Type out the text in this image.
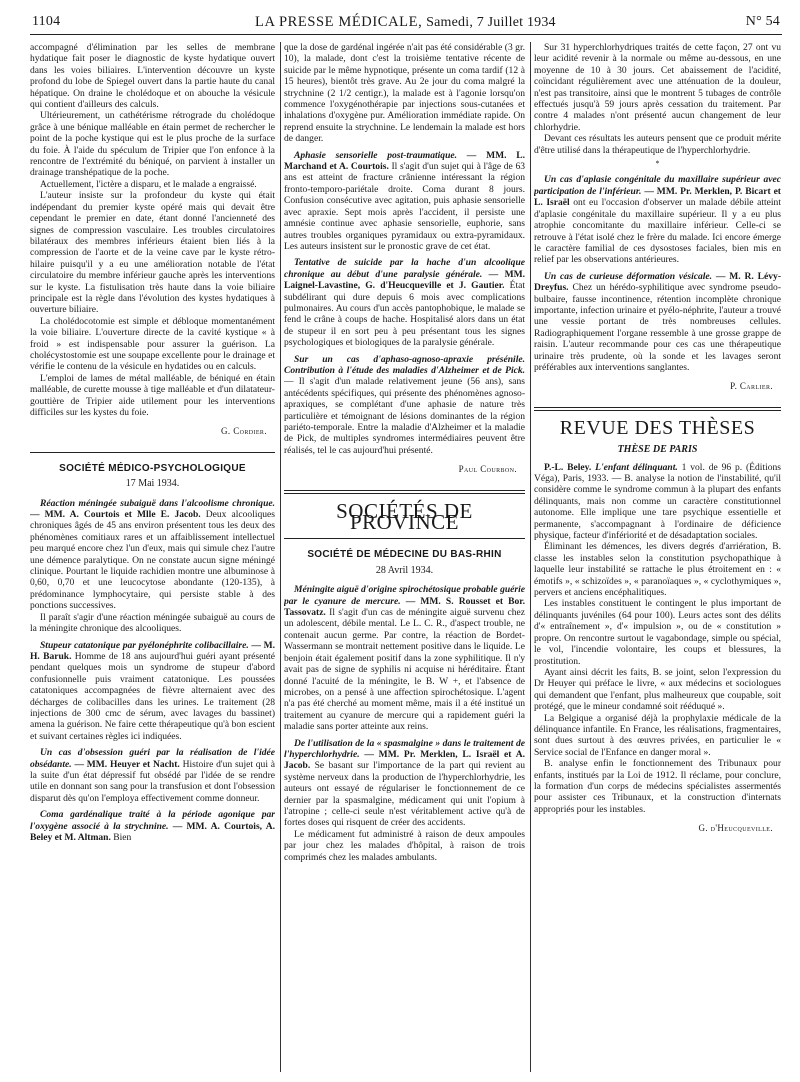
1104	LA PRESSE MÉDICALE, Samedi, 7 Juillet 1934	N° 54

accompagné d'élimination par les selles de membrane hydatique fait poser le diagnostic de kyste hydatique ouvert dans les voies biliaires. L'intervention découvre un kyste profond du lobe de Spiegel ouvert dans la partie haute du canal hépatique. On draine le cholédoque et on abouche la vésicule qui contient d'ailleurs des calculs.

Ultérieurement, un cathétérisme rétrograde du cholédoque grâce à une bénique malléable en étain permet de rechercher le point de la poche kystique qui est le plus proche de la surface du foie. À l'aide du spéculum de Tripier que l'on enfonce à la rencontre de l'extrémité du béniqué, on parvient à installer un drainage transhépatique de la poche.

Actuellement, l'ictère a disparu, et le malade a engraissé.

L'auteur insiste sur la profondeur du kyste qui était indépendant du premier kyste opéré mais qui devait être cependant le premier en date, étant donné l'ancienneté des signes de compression vasculaire. Les troubles circulatoires bilatéraux des membres inférieurs étaient bien liés à la compression de l'aorte et de la veine cave par le kyste rétro-hilaire puisqu'il y a eu une amélioration notable de l'état circulatoire du membre inférieur gauche après les interventions sur le kyste. La fistulisation très haute dans la voie biliaire principale est la règle dans l'évolution des kystes hydatiques à ouverture biliaire.

La cholédocotomie est simple et débloque momentanément la voie biliaire. L'ouverture directe de la cavité kystique « à froid » est indispensable pour assurer la guérison. La cholécystostomie est une soupape excellente pour le drainage et vérifie le contenu de la vésicule en hydatides ou en calculs.

L'emploi de lames de métal malléable, de béniqué en étain malléable, de curette mousse à tige malléable et d'un dilatateur-gouttière de Tripier aide utilement pour les interventions difficiles sur les kystes du foie.

G. Cordier.

SOCIÉTÉ MÉDICO-PSYCHOLOGIQUE
17 Mai 1934.

Réaction méningée subaiguë dans l'alcoolisme chronique. — MM. A. Courtois et Mlle E. Jacob. Deux alcooliques chroniques âgés de 45 ans environ présentent tous les deux des phénomènes comitiaux rares et un affaiblissement intellectuel peu marqué encore chez l'un d'eux, mais qui simule chez l'autre une démence paralytique. On ne constate aucun signe méningé clinique. Pourtant le liquide rachidien montre une albuminose à 0,60, 0,70 et une leucocytose abondante (120-135), à prédominance lymphocytaire, qui persiste stable à des ponctions successives.

Il paraît s'agir d'une réaction méningée subaiguë au cours de la méningite chronique des alcooliques.

Stupeur catatonique par pyélonéphrite colibacillaire. — M. H. Baruk. Homme de 18 ans aujourd'hui guéri ayant présenté pendant quelques mois un syndrome de stupeur d'abord confusionnelle puis vraiment catatonique. Les poussées catatoniques accompagnées de fièvre alternaient avec des décharges de colibacilles dans les urines. Le traitement (28 injections de 300 cmc de sérum, avec lavages du bassinet) amena la guérison. Ne faire cette thérapeutique qu'à bon escient et suivant certaines règles ici indiquées.

Un cas d'obsession guéri par la réalisation de l'idée obsédante. — MM. Heuyer et Nacht. Histoire d'un sujet qui à la suite d'un état dépressif fut obsédé par l'idée de se rendre utile en donnant son sang pour la transfusion et dont l'obsession disparut dès qu'on l'employa effectivement comme donneur.

Coma gardénalique traité à la période agonique par l'oxygène associé à la strychnine. — MM. A. Courtois, A. Beley et M. Altman. Bien

que la dose de gardénal ingérée n'ait pas été considérable (3 gr. 10), la malade, dont c'est la troisième tentative récente de suicide par le même hypnotique, présente un coma tardif (12 à 15 heures), bientôt très grave. Au 2e jour du coma malgré la strychnine (2 1/2 centigr.), la malade est à l'agonie lorsqu'on commence l'oxygénothérapie par injections sous-cutanées et inhalations d'oxygène pur. Amélioration immédiate rapide. On reprend ensuite la strychnine. Le lendemain la malade est hors de danger.

Aphasie sensorielle post-traumatique. — MM. L. Marchand et A. Courtois. Il s'agit d'un sujet qui à l'âge de 63 ans est atteint de fracture crânienne intéressant la région fronto-temporo-pariétale droite. Coma durant 8 jours. Confusion consécutive avec agitation, puis aphasie sensorielle avec apraxie. Sept mois après l'accident, il persiste une amnésie continue avec aphasie sensorielle, euphorie, sans autres troubles organiques pyramidaux ou extra-pyramidaux. Les auteurs insistent sur le pronostic grave de cet état.

Tentative de suicide par la hache d'un alcoolique chronique au début d'une paralysie générale. — MM. Laignel-Lavastine, G. d'Heucqueville et J. Gautier. État subdélirant qui dure depuis 6 mois avec complications pulmonaires. Au cours d'un accès pantophobique, le malade se fend le crâne à coups de hache. Hospitalisé alors dans un état de stupeur il en sort peu à peu présentant tous les signes psychologiques et biologiques de la paralysie générale.

Sur un cas d'aphaso-agnoso-apraxie présénile. Contribution à l'étude des maladies d'Alzheimer et de Pick. — Il s'agit d'un malade relativement jeune (56 ans), sans antécédents spécifiques, qui présente des phénomènes agnoso-apraxiques, se complétant d'une aphasie de nature très particulière et témoignant de lésions dominantes de la région pariéto-temporale. Entre la maladie d'Alzheimer et la maladie de Pick, de multiples syndromes intermédiaires peuvent être réalisés, tel le cas aujourd'hui présenté.

Paul Courbon.

SOCIÉTÉS DE PROVINCE
SOCIÉTÉ DE MÉDECINE DU BAS-RHIN
28 Avril 1934.

Méningite aiguë d'origine spirochétosique probable guérie par le cyanure de mercure. — MM. S. Rousset et Bor. Tassovatz. Il s'agit d'un cas de méningite aiguë survenu chez un adolescent, débile mental. Le L. C. R., d'aspect trouble, ne contenait aucun germe. Par contre, la réaction de Bordet-Wassermann se montrait nettement positive dans le liquide. Le benjoin était également positif dans la zone syphilitique. Il n'y avait pas de signe de syphilis ni acquise ni héréditaire. Étant donné l'acuité de la méningite, le B. W +, et l'absence de microbes, on a pensé à une affection spirochétosique. L'agent n'a pas été cherché au moment même, mais il a été institué un traitement au cyanure de mercure qui a rapidement guéri la maladie sans porter atteinte aux reins.

De l'utilisation de la « spasmalgine » dans le traitement de l'hyperchlorhydrie. — MM. Pr. Merklen, L. Israël et A. Jacob. Se basant sur l'importance de la part qui revient au système nerveux dans la production de l'hyperchlorhydrie, les auteurs ont essayé de régulariser le fonctionnement de ce dernier par la spasmalgine, médicament qui unit l'opium à l'atropine ; celle-ci seule n'est véritablement active qu'à de fortes doses qui risquent de créer des accidents.

Le médicament fut administré à raison de deux ampoules par jour chez les malades d'hôpital, à raison de trois comprimés chez les malades ambulants.

Sur 31 hyperchlorhydriques traités de cette façon, 27 ont vu leur acidité revenir à la normale ou même au-dessous, en une moyenne de 10 à 30 jours. Cet abaissement de l'acidité, coïncidant régulièrement avec une atténuation de la douleur, n'est pas transitoire, ainsi que le montrent 5 tubages de contrôle effectués jusqu'à 59 jours après cessation du traitement. Par contre 4 malades n'ont présenté aucun changement de leur chlorhydrie.

Devant ces résultats les auteurs pensent que ce produit mérite d'être utilisé dans la thérapeutique de l'hyperchlorhydrie.

*

Un cas d'aplasie congénitale du maxillaire supérieur avec participation de l'inférieur. — MM. Pr. Merklen, P. Bicart et L. Israël ont eu l'occasion d'observer un malade débile atteint d'aplasie congénitale du maxillaire supérieur. Il y a eu plus atrophie concomitante du maxillaire inférieur. Celle-ci se retrouve à l'état isolé chez le frère du malade. Ici encore émerge le caractère familial de ces dysostoses faciales, bien mis en relief par les observations antérieures.

Un cas de curieuse déformation vésicale. — M. R. Lévy-Dreyfus. Chez un hérédo-syphilitique avec syndrome pseudo-bulbaire, fausse incontinence, rétention incomplète chronique importante, infection urinaire et pyélo-néphrite, l'auteur a trouvé une vessie portant de très nombreuses cellules. Radiographiquement l'organe ressemble à une grosse grappe de raisin. L'auteur recommande pour ces cas une thérapeutique urinaire très prudente, où la sonde et les lavages seront préférables aux interventions sanglantes.

P. Carlier.

REVUE DES THÈSES
THÈSE DE PARIS

P.-L. Beley. L'enfant délinquant. 1 vol. de 96 p. (Éditions Véga), Paris, 1933. — B. analyse la notion de l'instabilité, qu'il considère comme le syndrome commun à la plupart des enfants délinquants, mais non comme un caractère constitutionnel autonome. Elle implique une tare psychique essentielle et permanente, s'accompagnant à l'ordinaire de déficience physique, facteur d'infériorité et de désadaptation sociales.

Éliminant les démences, les divers degrés d'arriération, B. classe les instables selon la constitution psychopathique à laquelle leur instabilité se rattache le plus étroitement en : « émotifs », « schizoïdes », « paranoïaques », « cyclothymiques », pervers et anciens encéphalitiques.

Les instables constituent le contingent le plus important de délinquants juvéniles (64 pour 100). Leurs actes sont des délits d'« entraînement », d'« impulsion », ou de « constitution » propre. On rencontre surtout le vagabondage, simple ou spécial, le vol, l'incendie volontaire, les coups et blessures, la prostitution.

Ayant ainsi décrit les faits, B. se joint, selon l'expression du Dr Heuyer qui préface le livre, « aux médecins et sociologues qui demandent que l'enfant, plus malheureux que coupable, soit protégé, que le mineur condamné soit rééduqué ».

La Belgique a organisé déjà la prophylaxie médicale de la délinquance infantile. En France, les réalisations, fragmentaires, sont dues surtout à des œuvres privées, en particulier le « Service social de l'Enfance en danger moral ».

B. analyse enfin le fonctionnement des Tribunaux pour enfants, institués par la Loi de 1912. Il réclame, pour conclure, la formation d'un corps de médecins spécialistes assermentés pour assister ces Tribunaux, et la construction d'internats appropriés pour les instables.

G. d'Heucqueville.
